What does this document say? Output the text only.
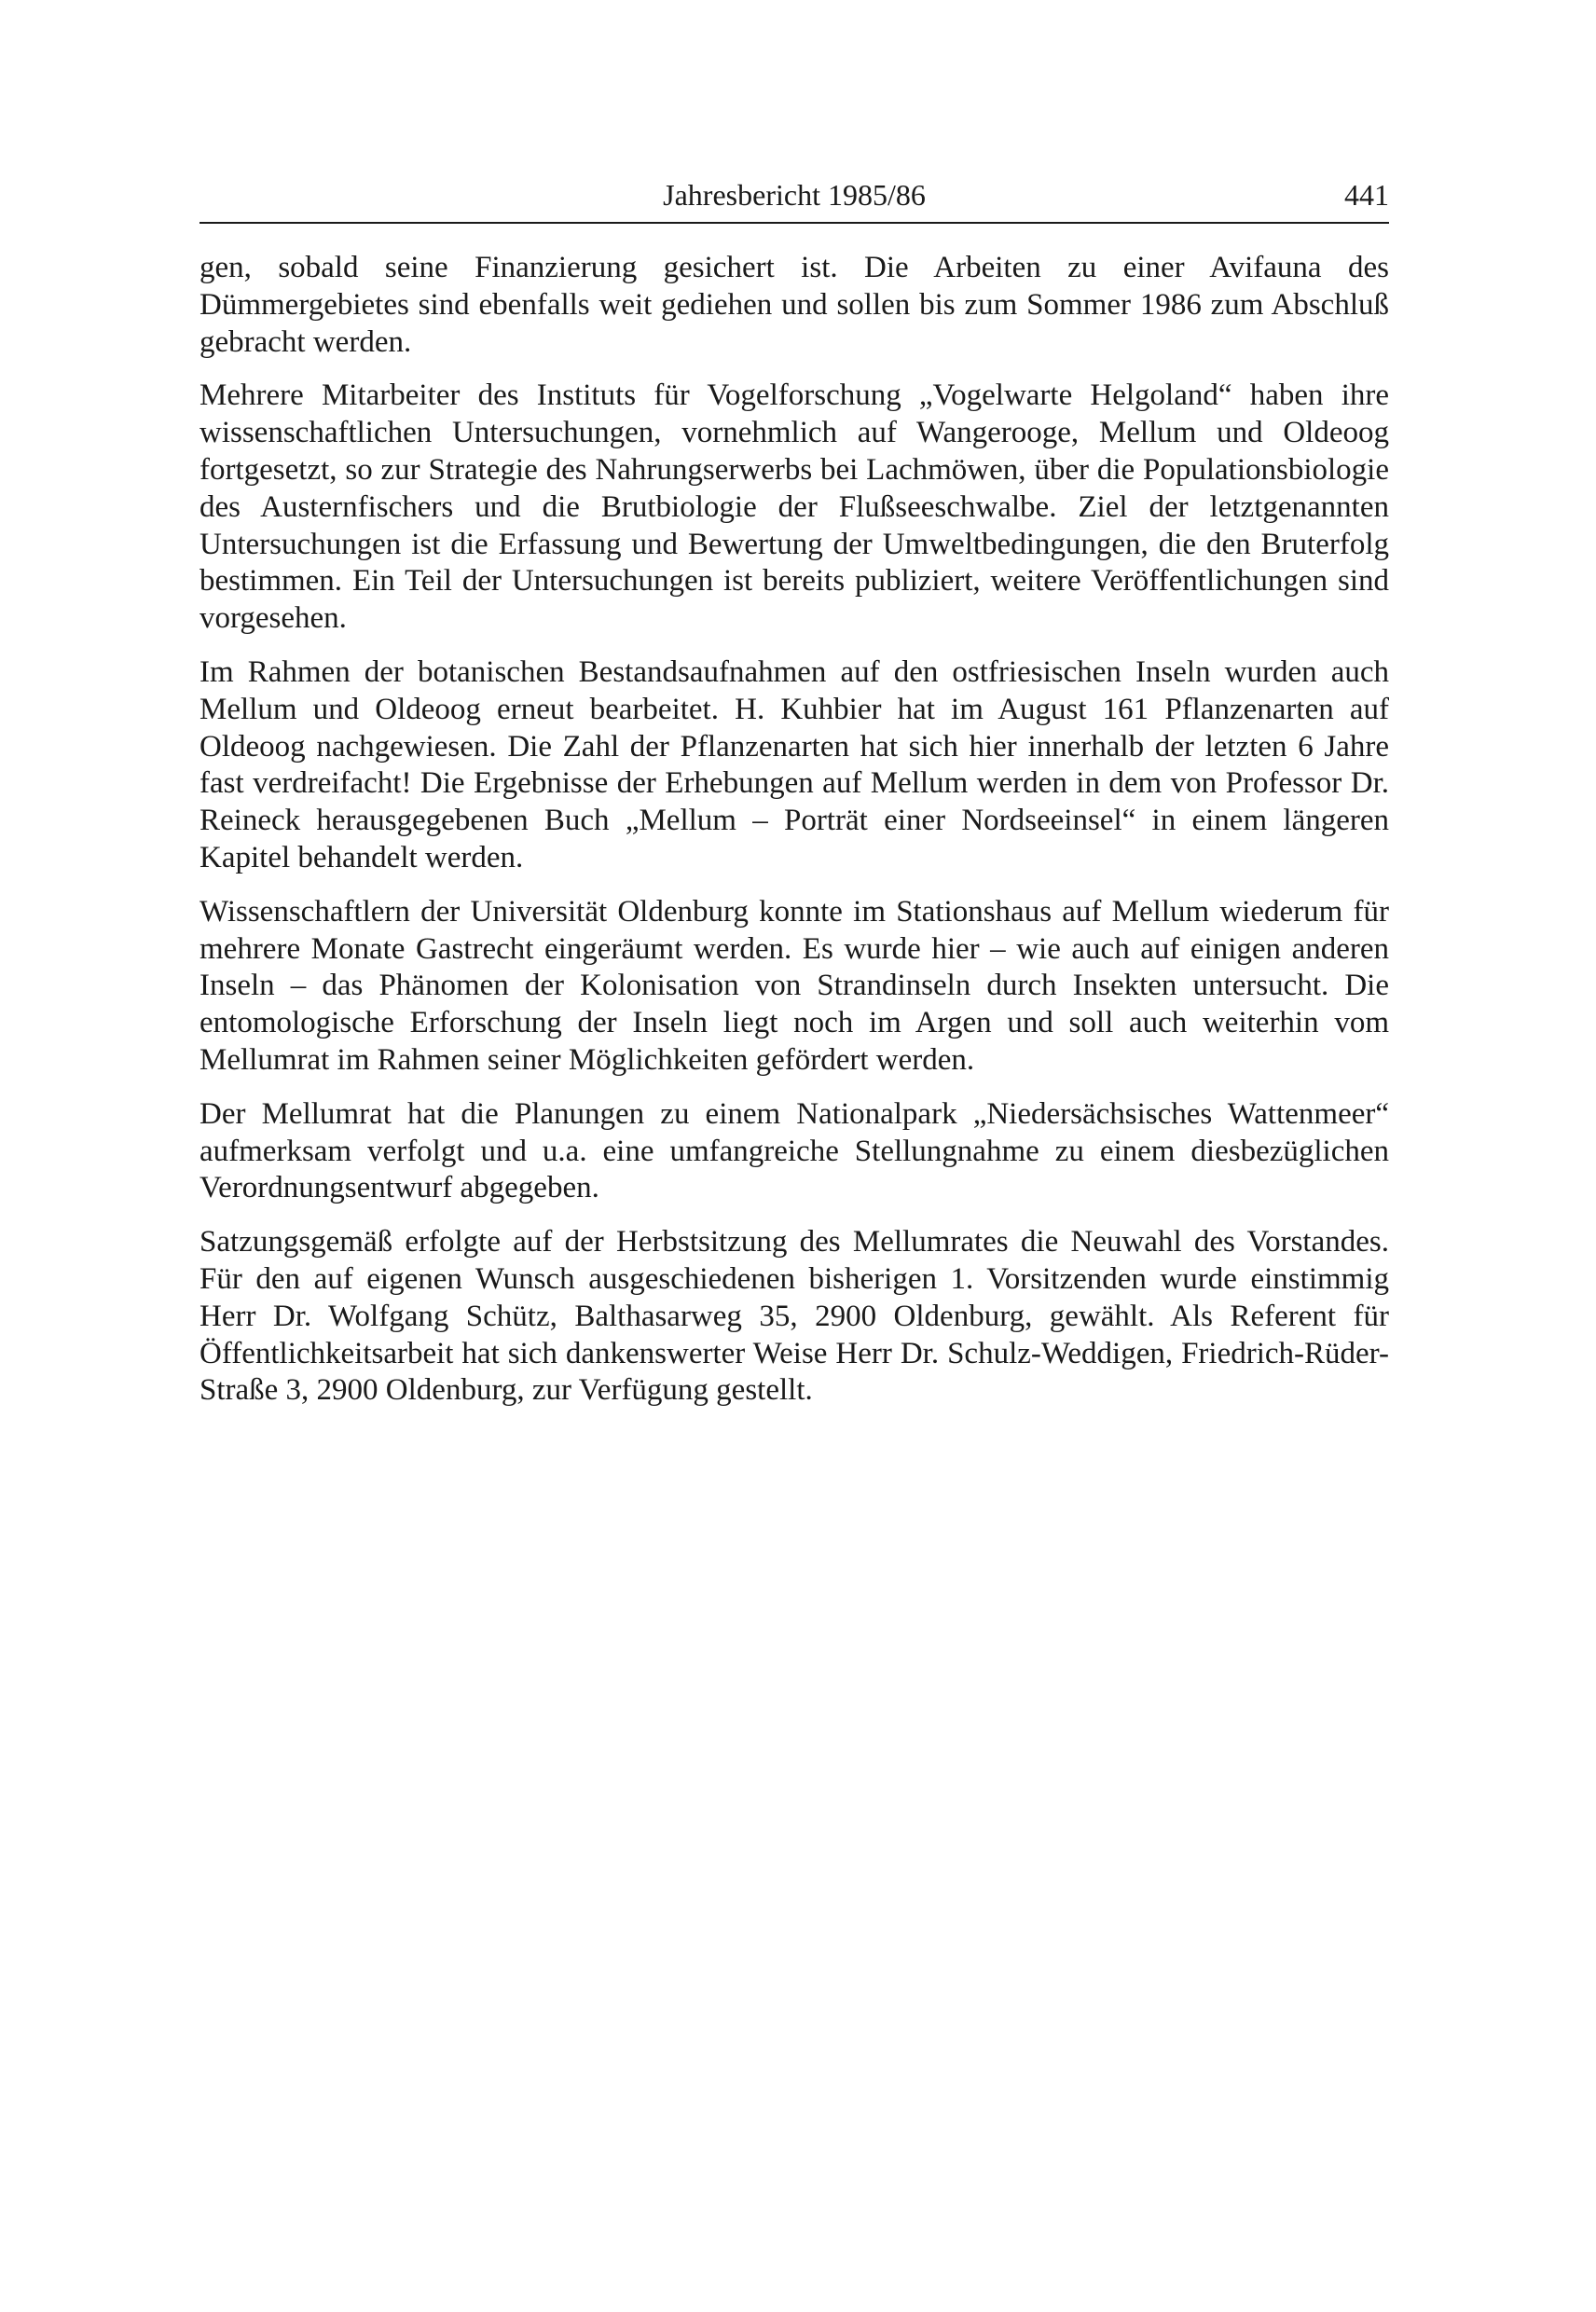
Jahresbericht 1985/86	441

gen, sobald seine Finanzierung gesichert ist. Die Arbeiten zu einer Avifauna des Dümmergebietes sind ebenfalls weit gediehen und sollen bis zum Sommer 1986 zum Abschluß gebracht werden.

Mehrere Mitarbeiter des Instituts für Vogelforschung „Vogelwarte Helgoland“ haben ihre wissenschaftlichen Untersuchungen, vornehmlich auf Wangerooge, Mellum und Oldeoog fortgesetzt, so zur Strategie des Nahrungserwerbs bei Lachmöwen, über die Populationsbiologie des Austernfischers und die Brutbiologie der Flußseeschwalbe. Ziel der letztgenannten Untersuchungen ist die Erfassung und Bewertung der Umweltbedingungen, die den Bruterfolg bestimmen. Ein Teil der Untersuchungen ist bereits publiziert, weitere Veröffentlichungen sind vorgesehen.

Im Rahmen der botanischen Bestandsaufnahmen auf den ostfriesischen Inseln wurden auch Mellum und Oldeoog erneut bearbeitet. H. Kuhbier hat im August 161 Pflanzenarten auf Oldeoog nachgewiesen. Die Zahl der Pflanzenarten hat sich hier innerhalb der letzten 6 Jahre fast verdreifacht! Die Ergebnisse der Erhebungen auf Mellum werden in dem von Professor Dr. Reineck herausgegebenen Buch „Mellum – Porträt einer Nordseeinsel“ in einem längeren Kapitel behandelt werden.

Wissenschaftlern der Universität Oldenburg konnte im Stationshaus auf Mellum wiederum für mehrere Monate Gastrecht eingeräumt werden. Es wurde hier – wie auch auf einigen anderen Inseln – das Phänomen der Kolonisation von Strandinseln durch Insekten untersucht. Die entomologische Erforschung der Inseln liegt noch im Argen und soll auch weiterhin vom Mellumrat im Rahmen seiner Möglichkeiten gefördert werden.

Der Mellumrat hat die Planungen zu einem Nationalpark „Niedersächsisches Wattenmeer“ aufmerksam verfolgt und u.a. eine umfangreiche Stellungnahme zu einem diesbezüglichen Verordnungsentwurf abgegeben.

Satzungsgemäß erfolgte auf der Herbstsitzung des Mellumrates die Neuwahl des Vorstandes. Für den auf eigenen Wunsch ausgeschiedenen bisherigen 1. Vorsitzenden wurde einstimmig Herr Dr. Wolfgang Schütz, Balthasarweg 35, 2900 Oldenburg, gewählt. Als Referent für Öffentlichkeitsarbeit hat sich dankenswerter Weise Herr Dr. Schulz-Weddigen, Friedrich-Rüder-Straße 3, 2900 Oldenburg, zur Verfügung gestellt.
